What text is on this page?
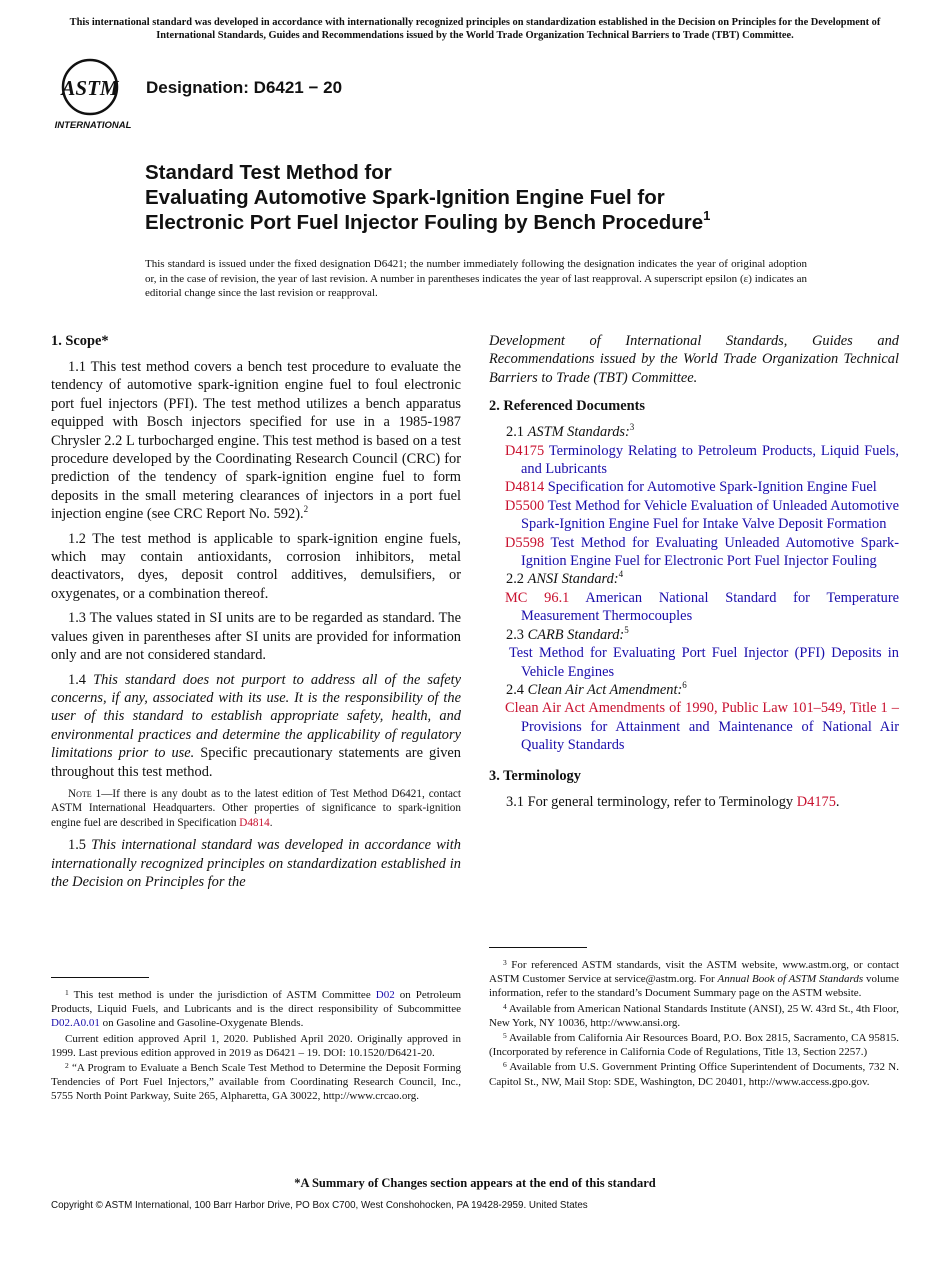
This international standard was developed in accordance with internationally recognized principles on standardization established in the Decision on Principles for the Development of International Standards, Guides and Recommendations issued by the World Trade Organization Technical Barriers to Trade (TBT) Committee.
ASTM
INTERNATIONAL
Designation: D6421 − 20
Standard Test Method for
Evaluating Automotive Spark-Ignition Engine Fuel for
Electronic Port Fuel Injector Fouling by Bench Procedure$^1$
This standard is issued under the fixed designation D6421; the number immediately following the designation indicates the year of original adoption or, in the case of revision, the year of last revision. A number in parentheses indicates the year of last reapproval. A superscript epsilon (ε) indicates an editorial change since the last revision or reapproval.
1. Scope*

1.1 This test method covers a bench test procedure to evaluate the tendency of automotive spark-ignition engine fuel to foul electronic port fuel injectors (PFI). The test method utilizes a bench apparatus equipped with Bosch injectors specified for use in a 1985-1987 Chrysler 2.2 L turbocharged engine. This test method is based on a test procedure developed by the Coordinating Research Council (CRC) for prediction of the tendency of spark-ignition engine fuel to form deposits in the small metering clearances of injectors in a port fuel injection engine (see CRC Report No. 592).$^2$

1.2 The test method is applicable to spark-ignition engine fuels, which may contain antioxidants, corrosion inhibitors, metal deactivators, dyes, deposit control additives, demulsifiers, or oxygenates, or a combination thereof.

1.3 The values stated in SI units are to be regarded as standard. The values given in parentheses after SI units are provided for information only and are not considered standard.

1.4 This standard does not purport to address all of the safety concerns, if any, associated with its use. It is the responsibility of the user of this standard to establish appropriate safety, health, and environmental practices and determine the applicability of regulatory limitations prior to use. Specific precautionary statements are given throughout this test method.

Note 1—If there is any doubt as to the latest edition of Test Method D6421, contact ASTM International Headquarters. Other properties of significance to spark-ignition engine fuel are described in Specification D4814.

1.5 This international standard was developed in accordance with internationally recognized principles on standardization established in the Decision on Principles for the

Development of International Standards, Guides and Recommendations issued by the World Trade Organization Technical Barriers to Trade (TBT) Committee.

2. Referenced Documents

2.1 ASTM Standards:$^3$

D4175 Terminology Relating to Petroleum Products, Liquid Fuels, and Lubricants

D4814 Specification for Automotive Spark-Ignition Engine Fuel

D5500 Test Method for Vehicle Evaluation of Unleaded Automotive Spark-Ignition Engine Fuel for Intake Valve Deposit Formation

D5598 Test Method for Evaluating Unleaded Automotive Spark-Ignition Engine Fuel for Electronic Port Fuel Injector Fouling

2.2 ANSI Standard:$^4$

MC 96.1 American National Standard for Temperature Measurement Thermocouples

2.3 CARB Standard:$^5$

Test Method for Evaluating Port Fuel Injector (PFI) Deposits in Vehicle Engines

2.4 Clean Air Act Amendment:$^6$

Clean Air Act Amendments of 1990, Public Law 101–549, Title 1 – Provisions for Attainment and Maintenance of National Air Quality Standards

3. Terminology

3.1 For general terminology, refer to Terminology D4175.

$^1$ This test method is under the jurisdiction of ASTM Committee D02 on Petroleum Products, Liquid Fuels, and Lubricants and is the direct responsibility of Subcommittee D02.A0.01 on Gasoline and Gasoline-Oxygenate Blends.

Current edition approved April 1, 2020. Published April 2020. Originally approved in 1999. Last previous edition approved in 2019 as D6421 – 19. DOI: 10.1520/D6421-20.

$^2$ “A Program to Evaluate a Bench Scale Test Method to Determine the Deposit Forming Tendencies of Port Fuel Injectors,” available from Coordinating Research Council, Inc., 5755 North Point Parkway, Suite 265, Alpharetta, GA 30022, http://www.crcao.org.

$^3$ For referenced ASTM standards, visit the ASTM website, www.astm.org, or contact ASTM Customer Service at service@astm.org. For Annual Book of ASTM Standards volume information, refer to the standard’s Document Summary page on the ASTM website.

$^4$ Available from American National Standards Institute (ANSI), 25 W. 43rd St., 4th Floor, New York, NY 10036, http://www.ansi.org.

$^5$ Available from California Air Resources Board, P.O. Box 2815, Sacramento, CA 95815. (Incorporated by reference in California Code of Regulations, Title 13, Section 2257.)

$^6$ Available from U.S. Government Printing Office Superintendent of Documents, 732 N. Capitol St., NW, Mail Stop: SDE, Washington, DC 20401, http://www.access.gpo.gov.

*A Summary of Changes section appears at the end of this standard
Copyright © ASTM International, 100 Barr Harbor Drive, PO Box C700, West Conshohocken, PA 19428-2959. United States
